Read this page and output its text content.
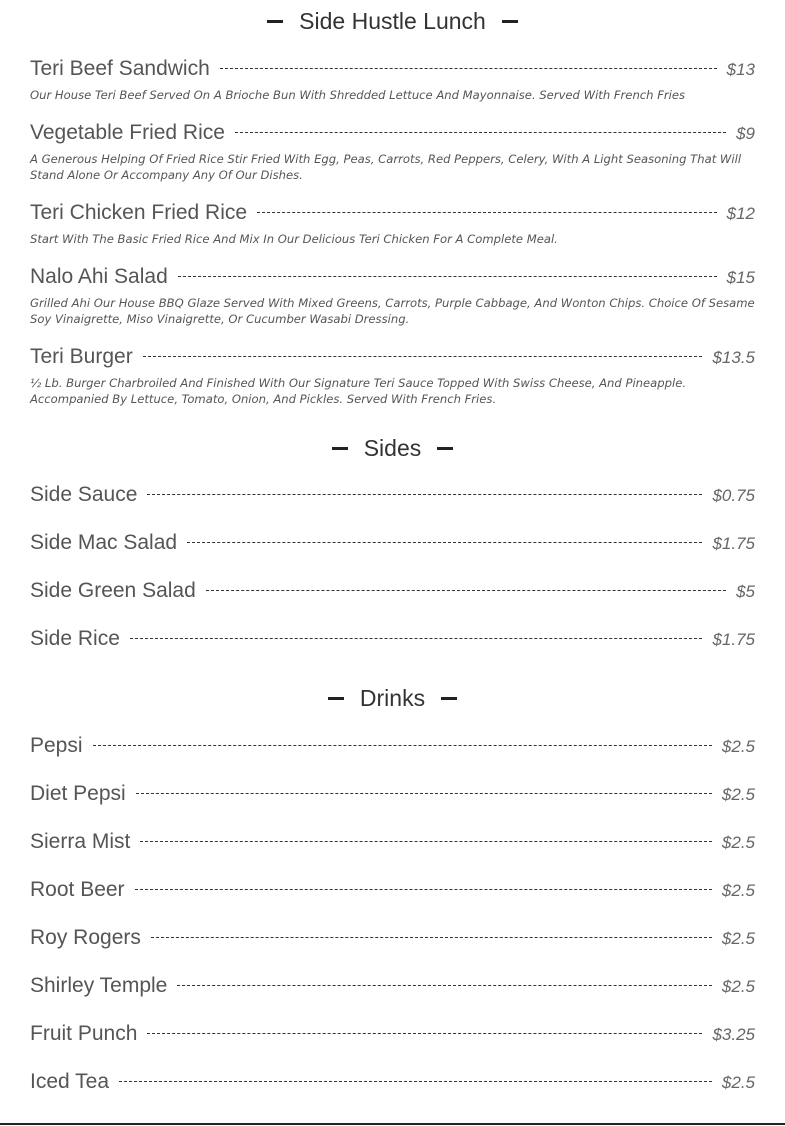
Side Hustle Lunch
Teri Beef Sandwich	$13
Our House Teri Beef Served On A Brioche Bun With Shredded Lettuce And Mayonnaise. Served With French Fries
Vegetable Fried Rice	$9
A Generous Helping Of Fried Rice Stir Fried With Egg, Peas, Carrots, Red Peppers, Celery, With A Light Seasoning That Will Stand Alone Or Accompany Any Of Our Dishes.
Teri Chicken Fried Rice	$12
Start With The Basic Fried Rice And Mix In Our Delicious Teri Chicken For A Complete Meal.
Nalo Ahi Salad	$15
Grilled Ahi Our House BBQ Glaze Served With Mixed Greens, Carrots, Purple Cabbage, And Wonton Chips. Choice Of Sesame Soy Vinaigrette, Miso Vinaigrette, Or Cucumber Wasabi Dressing.
Teri Burger	$13.5
½ Lb. Burger Charbroiled And Finished With Our Signature Teri Sauce Topped With Swiss Cheese, And Pineapple. Accompanied By Lettuce, Tomato, Onion, And Pickles. Served With French Fries.
Sides
Side Sauce	$0.75
Side Mac Salad	$1.75
Side Green Salad	$5
Side Rice	$1.75
Drinks
Pepsi	$2.5
Diet Pepsi	$2.5
Sierra Mist	$2.5
Root Beer	$2.5
Roy Rogers	$2.5
Shirley Temple	$2.5
Fruit Punch	$3.25
Iced Tea	$2.5
